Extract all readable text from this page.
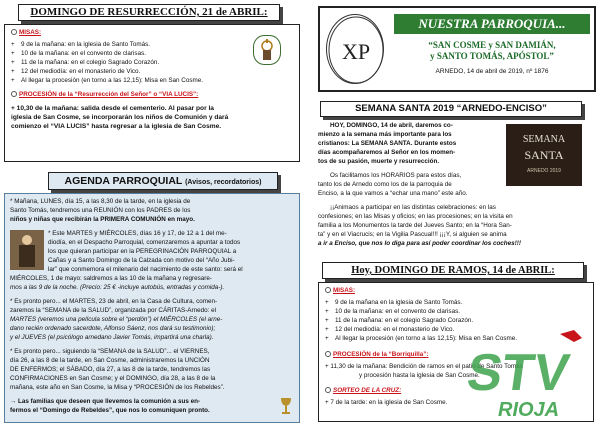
DOMINGO DE RESURRECCIÓN, 21 de ABRIL:
MISAS:
+ 9 de la mañana: en la iglesia de Santo Tomás.
+ 10 de la mañana: en el convento de clarisas.
+ 11 de la mañana: en el colegio Sagrado Corazón.
+ 12 del mediodía: en el monasterio de Vico.
+ Al llegar la procesión (en torno a las 12,15): Misa en San Cosme.
PROCESIÓN de la “Resurrección del Señor” o “VIA LUCIS”:
+ 10,30 de la mañana: salida desde el cementerio. Al pasar por la
iglesia de San Cosme, se incorporarán los niños de Comunión y dará
comienzo el “VIA LUCIS” hasta regresar a la iglesia de San Cosme.
AGENDA PARROQUIAL (Avisos, recordatorios)
* Mañana, LUNES, día 15, a las 8,30 de la tarde, en la iglesia de
Santo Tomás, tendremos una REUNIÓN con los PADRES de los
niños y niñas que recibirán la PRIMERA COMUNIÓN en mayo.
* Este MARTES y MIÉRCOLES, días 16 y 17, de 12 a 1 del me-
diodía, en el Despacho Parroquial, comenzaremos a apuntar a todos
los que quieran participar en la PEREGRINACIÓN PARROQUIAL a
Cañas y a Santo Domingo de la Calzada con motivo del “Año Jubi-
lar” que conmemora el milenario del nacimiento de este santo: será el
MIÉRCOLES, 1 de mayo: saldremos a las 10 de la mañana y regresare-
mos a las 9 de la noche. (Precio: 25 € -incluye autobús, entradas y comida-).
* Es pronto pero... el MARTES, 23 de abril, en la Casa de Cultura, comen-
zaremos la “SEMANA de la SALUD”, organizada por CÁRITAS-Arnedo: el
MARTES (veremos una película sobre el “perdón”) el MIÉRCOLES (el arne-
dano recién ordenado sacerdote, Alfonso Sáenz, nos dará su testimonio);
y el JUEVES (el psicólogo arnedano Javier Tomás, impartirá una charla).
* Es pronto pero... siguiendo la “SEMANA de la SALUD”... el VIERNES,
día 26, a las 8 de la tarde, en San Cosme, administraremos la UNCIÓN
DE ENFERMOS; el SÁBADO, día 27, a las 8 de la tarde, tendremos las
CONFIRMACIONES en San Cosme; y el DOMINGO, día 28, a las 8 de la
mañana, este año en San Cosme, la Misa y “PROCESIÓN de los Rebeldes”.
→ Las familias que deseen que llevemos la comunión a sus en-
fermos el “Domingo de Rebeldes”, que nos lo comuniquen pronto.
XP
NUESTRA PARROQUIA...
“SAN COSME y SAN DAMIÁN,
y SANTO TOMÁS, APÓSTOL”
ARNEDO, 14 de abril de 2019, nº 1876
SEMANA SANTA 2019 “ARNEDO-ENCISO”
HOY, DOMINGO, 14 de abril, daremos co-
mienzo a la semana más importante para los
cristianos: La SEMANA SANTA. Durante estos
días acompañaremos al Señor en los momen-
tos de su pasión, muerte y resurrección.
Os facilitamos los HORARIOS para estos días,
tanto los de Arnedo como los de la parroquia de
Enciso, a la que vamos a “echar una mano” este año.
SEMANA
SANTA
ARNEDO 2019
¡¡Animaos a participar en las distintas celebraciones: en las
confesiones; en las Misas y oficios; en las procesiones; en la visita en
familia a los Monumentos la tarde del Jueves Santo; en la “Hora San-
ta” y en el Viacrucis; en la Vigilia Pascual!!! ¡¡¡Y, si alguien se anima
a ir a Enciso, que nos lo diga para así poder coordinar los coches!!!
Hoy, DOMINGO DE RAMOS, 14 de ABRIL:
MISAS:
+ 9 de la mañana en la iglesia de Santo Tomás.
+ 10 de la mañana: en el convento de clarisas.
+ 11 de la mañana: en el colegio Sagrado Corazón.
+ 12 del mediodía: en el monasterio de Vico.
+ Al llegar la procesión (en torno a las 12,15): Misa en San Cosme.
PROCESIÓN de la “Borriquilla”:
+ 11,30 de la mañana: Bendición de ramos en el patio de Santo Tomás
y procesión hasta la iglesia de San Cosme.
SORTEO DE LA CRUZ:
+ 7 de la tarde: en la iglesia de San Cosme.
STV
RIOJA
